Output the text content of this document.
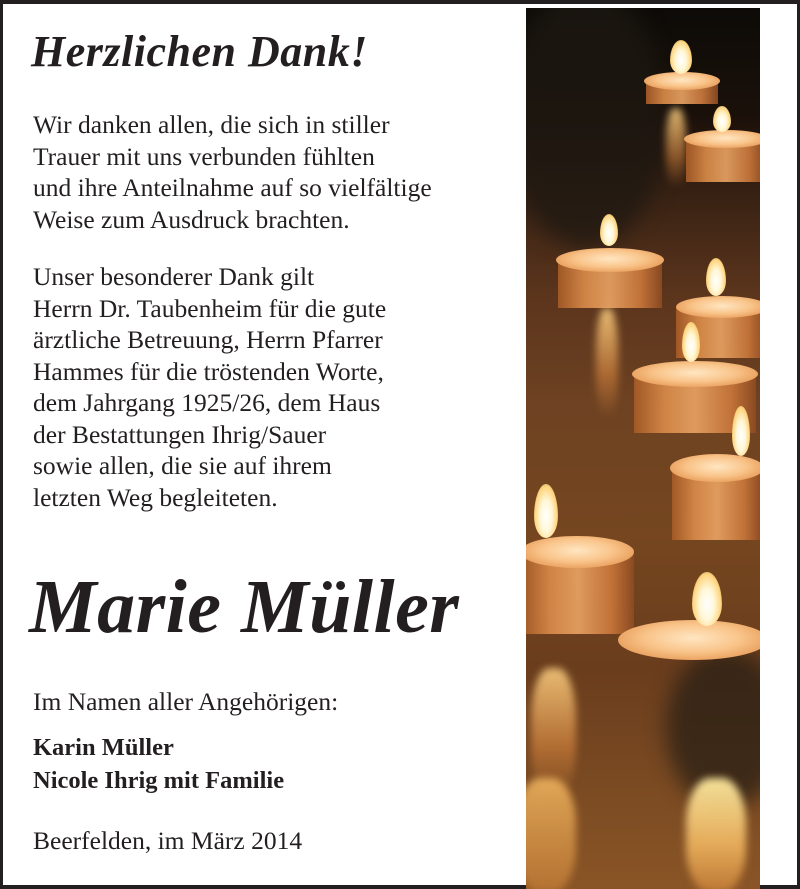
Herzlichen Dank!

Wir danken allen, die sich in stiller
Trauer mit uns verbunden fühlten
und ihre Anteilnahme auf so vielfältige
Weise zum Ausdruck brachten.

Unser besonderer Dank gilt
Herrn Dr. Taubenheim für die gute
ärztliche Betreuung, Herrn Pfarrer
Hammes für die tröstenden Worte,
dem Jahrgang 1925/26, dem Haus
der Bestattungen Ihrig/Sauer
sowie allen, die sie auf ihrem
letzten Weg begleiteten.

Marie Müller

Im Namen aller Angehörigen:

Karin Müller
Nicole Ihrig mit Familie

Beerfelden, im März 2014
